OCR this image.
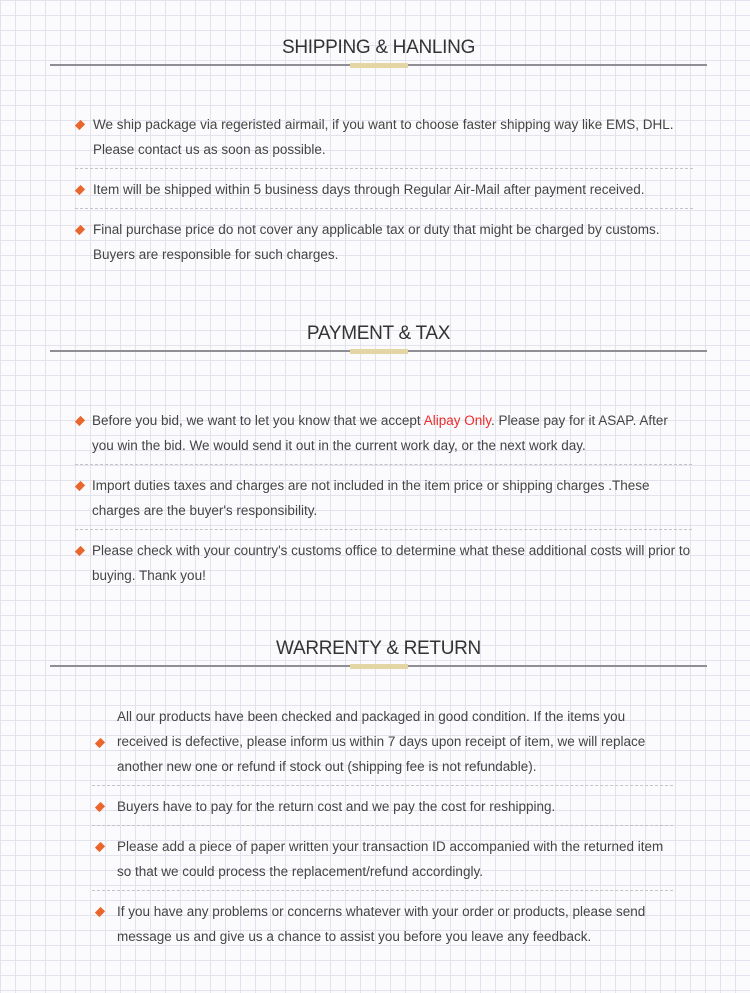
SHIPPING & HANLING
We ship package via regeristed airmail, if you want to choose faster shipping way like EMS, DHL. Please contact us as soon as possible.
Item will be shipped within 5 business days through Regular Air-Mail after payment received.
Final purchase price do not cover any applicable tax or duty that might be charged by customs. Buyers are responsible for such charges.
PAYMENT & TAX
Before you bid, we want to let you know that we accept Alipay Only. Please pay for it ASAP. After you win the bid. We would send it out in the current work day, or the next work day.
Import duties taxes and charges are not included in the item price or shipping charges .These charges are the buyer's responsibility.
Please check with your country's customs office to determine what these additional costs will prior to buying. Thank you!
WARRENTY & RETURN
All our products have been checked and packaged in good condition. If the items you received is defective, please inform us within 7 days upon receipt of item, we will replace another new one or refund if stock out (shipping fee is not refundable).
Buyers have to pay for the return cost and we pay the cost for reshipping.
Please add a piece of paper written your transaction ID accompanied with the returned item so that we could process the replacement/refund accordingly.
If you have any problems or concerns whatever with your order or products, please send message us and give us a chance to assist you before you leave any feedback.
